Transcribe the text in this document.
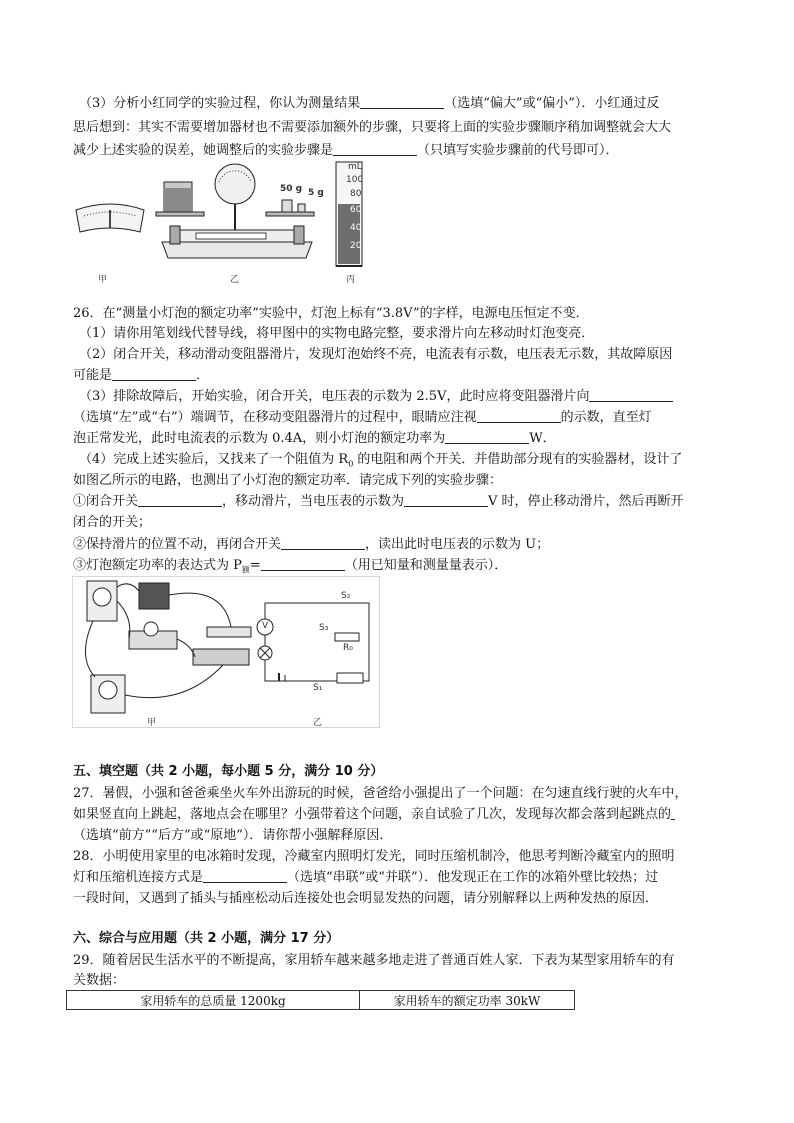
（3）分析小红同学的实验过程，你认为测量结果	（选填“偏大”或“偏小”）．小红通过反
思后想到：其实不需要增加器材也不需要添加额外的步骤，只要将上面的实验步骤顺序稍加调整就会大大
减少上述实验的误差，她调整后的实验步骤是	（只填写实验步骤前的代号即可）．
mL
100
80
60
40
20
50 g 5 g
甲	乙	丙
26．在“测量小灯泡的额定功率”实验中，灯泡上标有“3.8V”的字样，电源电压恒定不变．
（1）请你用笔划线代替导线，将甲图中的实物电路完整，要求滑片向左移动时灯泡变亮．
（2）闭合开关，移动滑动变阻器滑片，发现灯泡始终不亮，电流表有示数，电压表无示数，其故障原因
可能是	．
（3）排除故障后，开始实验，闭合开关，电压表的示数为 2.5V，此时应将变阻器滑片向
（选填“左”或“右”）端调节，在移动变阻器滑片的过程中，眼睛应注视	的示数，直至灯
泡正常发光，此时电流表的示数为 0.4A，则小灯泡的额定功率为	W．
（4）完成上述实验后，又找来了一个阻值为 $R_0$ 的电阻和两个开关．并借助部分现有的实验器材，设计了
如图乙所示的电路，也测出了小灯泡的额定功率．请完成下列的实验步骤：
①闭合开关	，移动滑片，当电压表的示数为	V 时，停止移动滑片，然后再断开
闭合的开关；
②保持滑片的位置不动，再闭合开关	，读出此时电压表的示数为 U；
③灯泡额定功率的表达式为 $P_额=$	（用已知量和测量量表示）．
V
S₂
S₃
R₀
S₁
甲	乙
五、填空题（共 2 小题，每小题 5 分，满分 10 分）
27．暑假，小强和爸爸乘坐火车外出游玩的时候，爸爸给小强提出了一个问题：在匀速直线行驶的火车中，
如果竖直向上跳起，落地点会在哪里？小强带着这个问题，亲自试验了几次，发现每次都会落到起跳点的
（选填“前方”“后方”或“原地”）．请你帮小强解释原因．
28．小明使用家里的电冰箱时发现，冷藏室内照明灯发光，同时压缩机制冷，他思考判断冷藏室内的照明
灯和压缩机连接方式是	（选填“串联”或“并联”）．他发现正在工作的冰箱外壁比较热；过
一段时间，又遇到了插头与插座松动后连接处也会明显发热的问题，请分别解释以上两种发热的原因．
六、综合与应用题（共 2 小题，满分 17 分）
29．随着居民生活水平的不断提高，家用轿车越来越多地走进了普通百姓人家．下表为某型家用轿车的有
关数据：
家用轿车的总质量 1200kg	家用轿车的额定功率 30kW
